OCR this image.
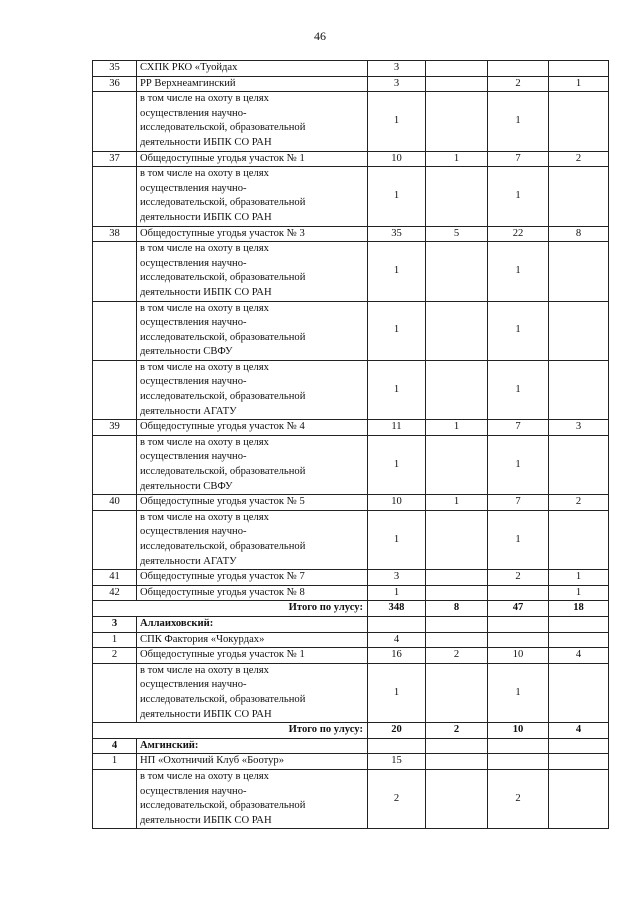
46
35	СХПК РКО «Туойдах	3			
36	РР Верхнеамгинский	3		2	1

	в том числе на охоту в целях
осуществления научно-
исследовательской, образовательной
деятельности ИБПК СО РАН	1		1	
37	Общедоступные угодья участок № 1	10	1	7	2

	в том числе на охоту в целях
осуществления научно-
исследовательской, образовательной
деятельности ИБПК СО РАН	1		1	
38	Общедоступные угодья участок № 3	35	5	22	8

	в том числе на охоту в целях
осуществления научно-
исследовательской, образовательной
деятельности ИБПК СО РАН	1		1	

	в том числе на охоту в целях
осуществления научно-
исследовательской, образовательной
деятельности СВФУ	1		1	

	в том числе на охоту в целях
осуществления научно-
исследовательской, образовательной
деятельности АГАТУ	1		1	
39	Общедоступные угодья участок № 4	11	1	7	3

	в том числе на охоту в целях
осуществления научно-
исследовательской, образовательной
деятельности СВФУ	1		1	
40	Общедоступные угодья участок № 5	10	1	7	2

	в том числе на охоту в целях
осуществления научно-
исследовательской, образовательной
деятельности АГАТУ	1		1	
41	Общедоступные угодья участок № 7	3		2	1
42	Общедоступные угодья участок № 8	1			1
Итого по улусу:		348	8	47	18
3	Аллаиховский:				
1	СПК Фактория «Чокурдах»	4			
2	Общедоступные угодья участок № 1	16	2	10	4

	в том числе на охоту в целях
осуществления научно-
исследовательской, образовательной
деятельности ИБПК СО РАН	1		1	
Итого по улусу:		20	2	10	4
4	Амгинский:				
1	НП «Охотничий Клуб «Боотур»	15			

	в том числе на охоту в целях
осуществления научно-
исследовательской, образовательной
деятельности ИБПК СО РАН	2		2	
